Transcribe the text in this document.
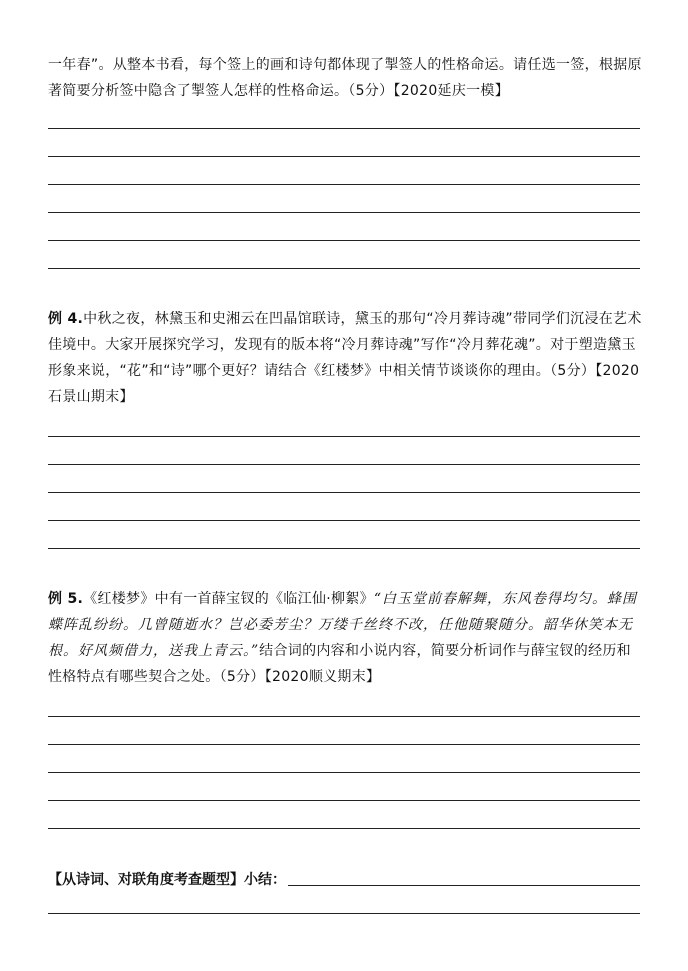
一年春”。从整本书看，每个签上的画和诗句都体现了掣签人的性格命运。请任选一签，根据原著简要分析签中隐含了掣签人怎样的性格命运。（5分）【2020延庆一模】
例 4.中秋之夜，林黛玉和史湘云在凹晶馆联诗，黛玉的那句“冷月葬诗魂”带同学们沉浸在艺术佳境中。大家开展探究学习，发现有的版本将“冷月葬诗魂”写作“冷月葬花魂”。对于塑造黛玉形象来说，“花”和“诗”哪个更好？请结合《红楼梦》中相关情节谈谈你的理由。（5分）【2020石景山期末】
例 5.《红楼梦》中有一首薛宝钗的《临江仙·柳絮》“白玉堂前春解舞，东风卷得均匀。蜂围蝶阵乱纷纷。几曾随逝水？岂必委芳尘？万缕千丝终不改，任他随聚随分。韶华休笑本无根。好风频借力，送我上青云。”结合词的内容和小说内容，简要分析词作与薛宝钗的经历和性格特点有哪些契合之处。（5分）【2020顺义期末】
【从诗词、对联角度考查题型】小结：
